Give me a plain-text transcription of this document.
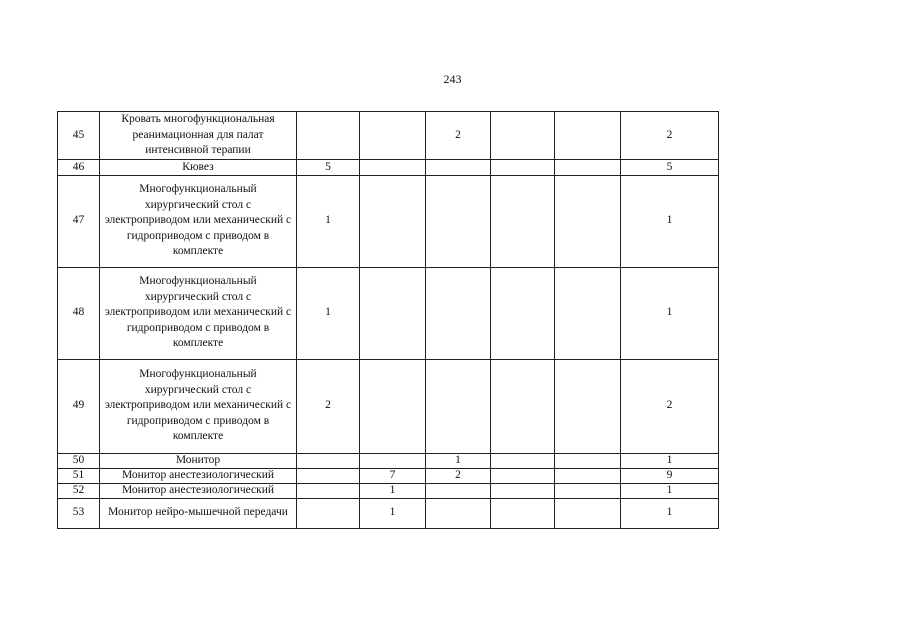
243
45	Кровать многофункциональная реанимационная для палат интенсивной терапии			2			2
46	Кювез	5					5
47	Многофункциональный хирургический стол с электроприводом или механический с гидроприводом с приводом в комплекте	1					1
48	Многофункциональный хирургический стол с электроприводом или механический с гидроприводом с приводом в комплекте	1					1
49	Многофункциональный хирургический стол с электроприводом или механический с гидроприводом с приводом в комплекте	2					2
50	Монитор			1			1
51	Монитор анестезиологический		7	2			9
52	Монитор анестезиологический		1				1
53	Монитор нейро-мышечной передачи		1				1
